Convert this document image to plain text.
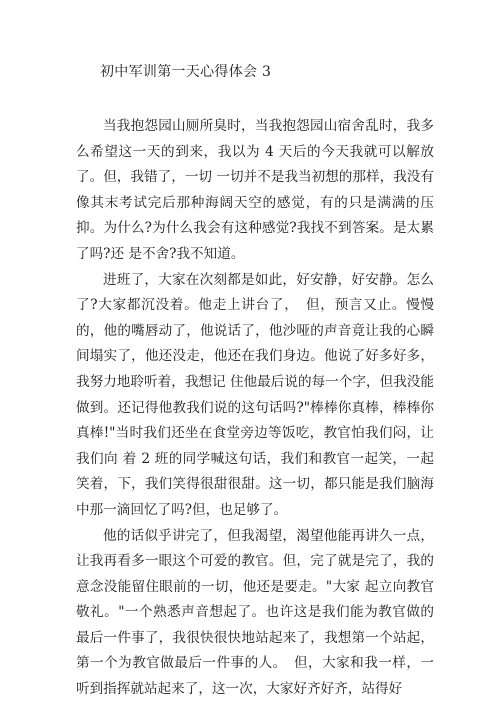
初中军训第一天心得体会 3

当我抱怨园山厕所臭时，当我抱怨园山宿舍乱时，我多么希望这一天的到来，我以为 4 天后的今天我就可以解放了。但，我错了，一切 一切并不是我当初想的那样，我没有像其末考试完后那种海阔天空的感觉，有的只是满满的压抑。为什么?为什么我会有这种感觉?我找不到答案。是太累了吗?还 是不舍?我不知道。

进班了，大家在次刻都是如此，好安静，好安静。怎么了?大家都沉没着。他走上讲台了，　但，预言又止。慢慢的，他的嘴唇动了，他说话了，他沙哑的声音竟让我的心瞬间塌实了，他还没走，他还在我们身边。他说了好多好多，我努力地聆听着，我想记 住他最后说的每一个字，但我没能做到。还记得他教我们说的这句话吗?"棒棒你真棒，棒棒你真棒!"当时我们还坐在食堂旁边等饭吃，教官怕我们闷，让我们向 着 2 班的同学喊这句话，我们和教官一起笑，一起笑着，下，我们笑得很甜很甜。这一切，都只能是我们脑海中那一滴回忆了吗?但，也足够了。

他的话似乎讲完了，但我渴望，渴望他能再讲久一点，让我再看多一眼这个可爱的教官。但，完了就是完了，我的意念没能留住眼前的一切，他还是要走。"大家 起立向教官敬礼。"一个熟悉声音想起了。也许这是我们能为教官做的最后一件事了，我很快很快地站起来了，我想第一个站起，第一个为教官做最后一件事的人。　但，大家和我一样，一听到指挥就站起来了，这一次，大家好齐好齐，站得好
